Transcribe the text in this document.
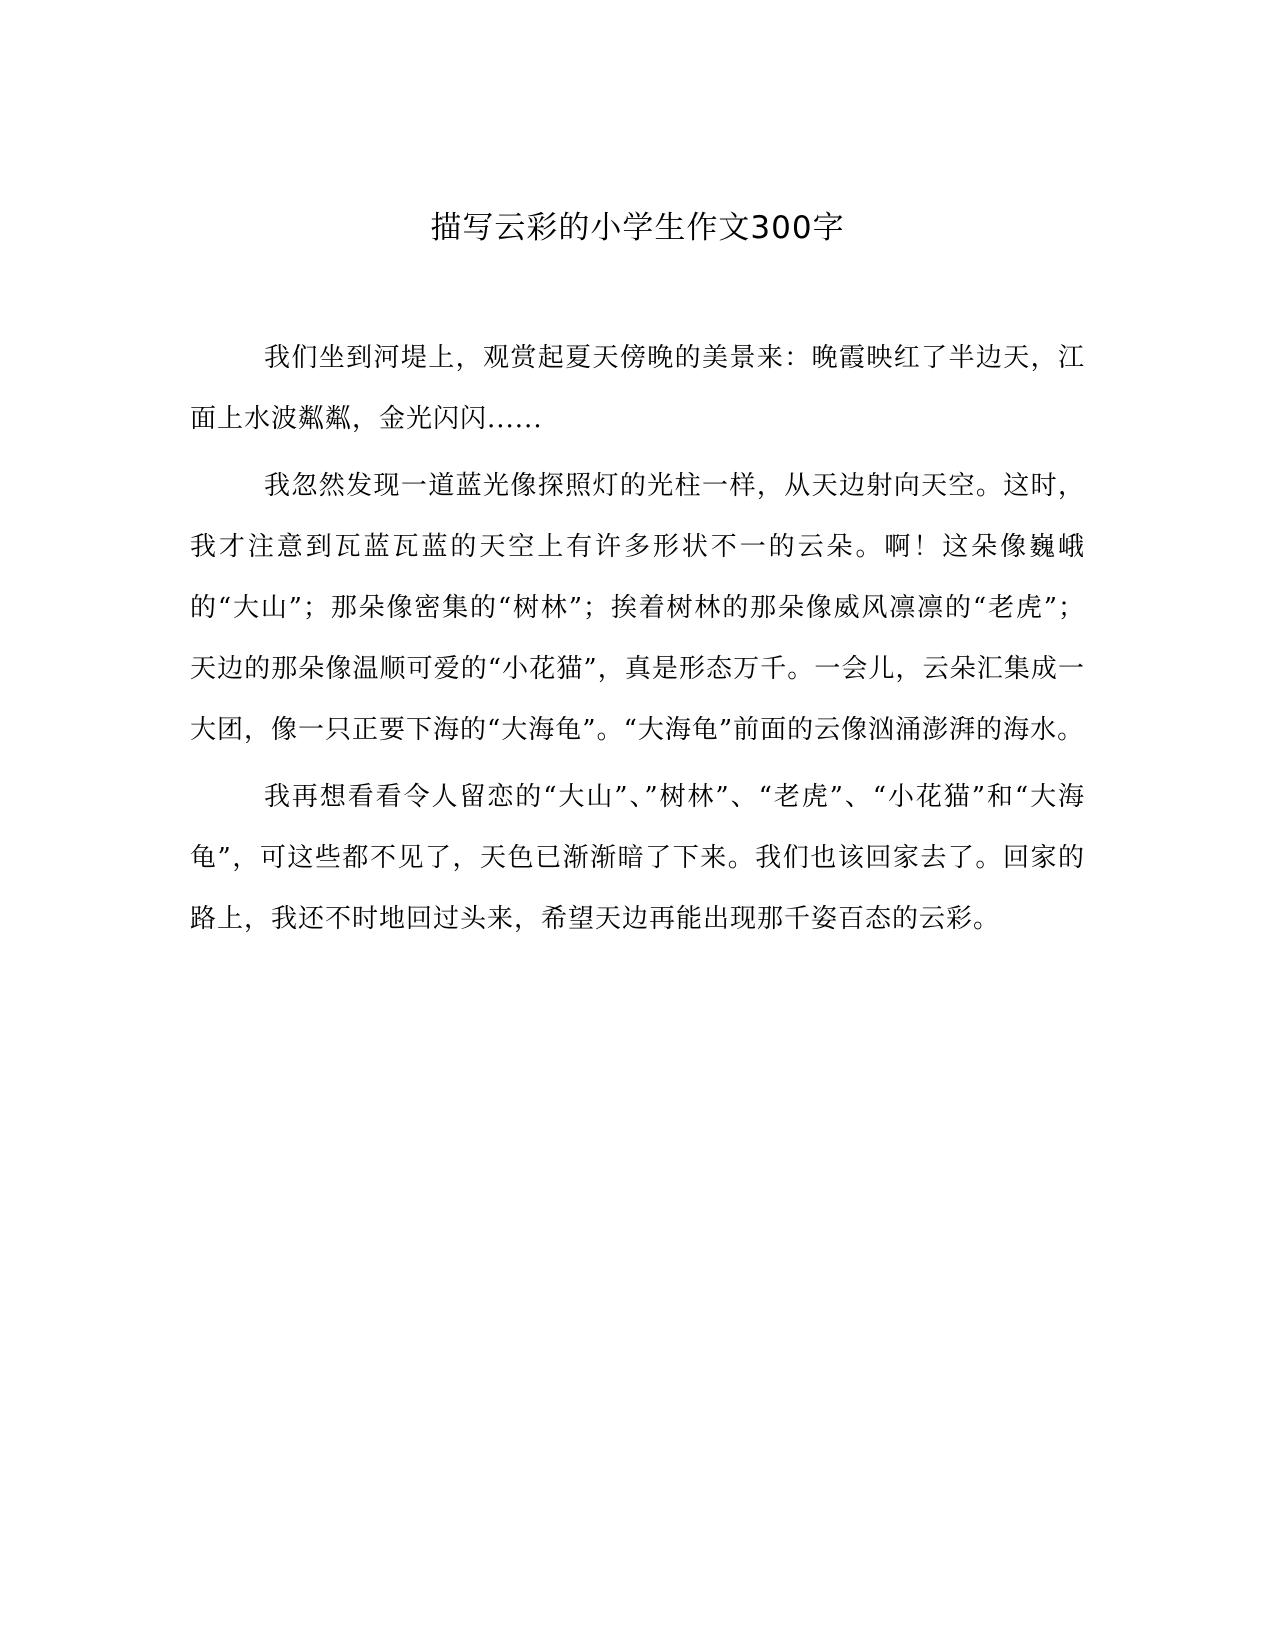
描写云彩的小学生作文300字

我们坐到河堤上，观赏起夏天傍晚的美景来：晚霞映红了半边天，江面上水波粼粼，金光闪闪......

我忽然发现一道蓝光像探照灯的光柱一样，从天边射向天空。这时，我才注意到瓦蓝瓦蓝的天空上有许多形状不一的云朵。啊！这朵像巍峨的“大山”；那朵像密集的“树林”；挨着树林的那朵像威风凛凛的“老虎”；天边的那朵像温顺可爱的“小花猫”，真是形态万千。一会儿，云朵汇集成一大团，像一只正要下海的“大海龟”。“大海龟”前面的云像汹涌澎湃的海水。

我再想看看令人留恋的“大山”、”树林”、“老虎”、“小花猫”和“大海龟”，可这些都不见了，天色已渐渐暗了下来。我们也该回家去了。回家的路上，我还不时地回过头来，希望天边再能出现那千姿百态的云彩。
